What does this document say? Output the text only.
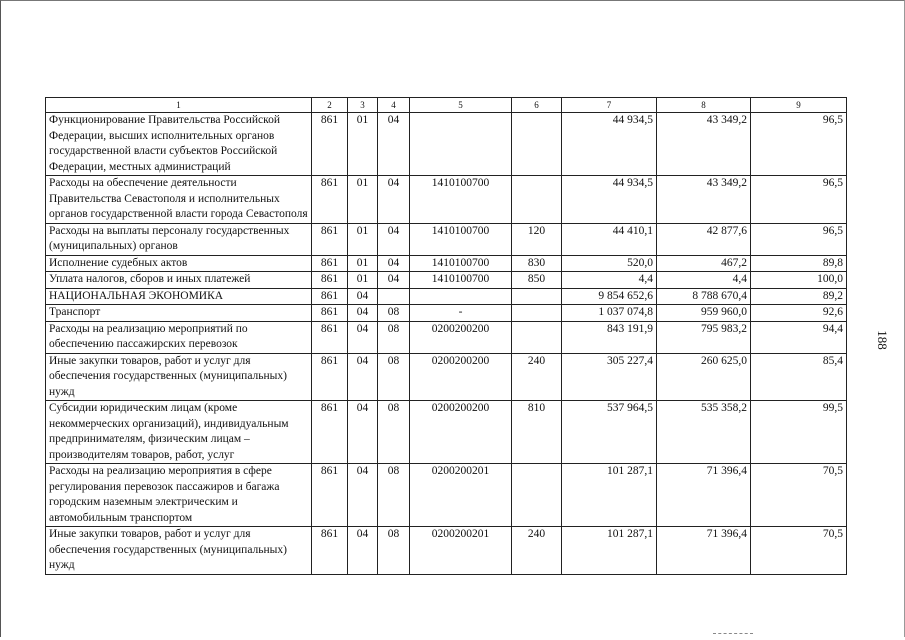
1	2	3	4	5	6	7	8	9
Функционирование Правительства Российской Федерации, высших исполнительных органов государственной власти субъектов Российской Федерации, местных администраций	861	01	04			44 934,5	43 349,2	96,5
Расходы на обеспечение деятельности Правительства Севастополя и исполнительных органов государственной власти города Севастополя	861	01	04	1410100700		44 934,5	43 349,2	96,5
Расходы на выплаты персоналу государственных (муниципальных) органов	861	01	04	1410100700	120	44 410,1	42 877,6	96,5
Исполнение судебных актов	861	01	04	1410100700	830	520,0	467,2	89,8
Уплата налогов, сборов и иных платежей	861	01	04	1410100700	850	4,4	4,4	100,0
НАЦИОНАЛЬНАЯ ЭКОНОМИКА	861	04				9 854 652,6	8 788 670,4	89,2
Транспорт	861	04	08	-		1 037 074,8	959 960,0	92,6
Расходы на реализацию мероприятий по обеспечению пассажирских перевозок	861	04	08	0200200200		843 191,9	795 983,2	94,4
Иные закупки товаров, работ и услуг для обеспечения государственных (муниципальных) нужд	861	04	08	0200200200	240	305 227,4	260 625,0	85,4
Субсидии юридическим лицам (кроме некоммерческих организаций), индивидуальным предпринимателям, физическим лицам – производителям товаров, работ, услуг	861	04	08	0200200200	810	537 964,5	535 358,2	99,5
Расходы на реализацию мероприятия в сфере регулирования перевозок пассажиров и багажа городским наземным электрическим и автомобильным транспортом	861	04	08	0200200201		101 287,1	71 396,4	70,5
Иные закупки товаров, работ и услуг для обеспечения государственных (муниципальных) нужд	861	04	08	0200200201	240	101 287,1	71 396,4	70,5
188
